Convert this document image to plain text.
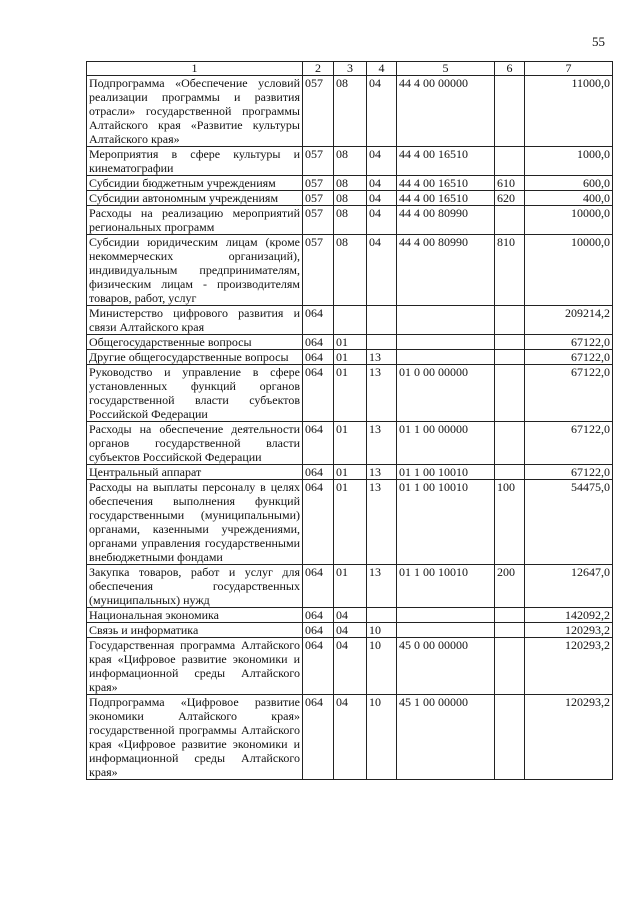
55
1	2	3	4	5	6	7
Подпрограмма «Обеспечение условий реализации программы и развития отрасли» государственной программы Алтайского края «Развитие культуры Алтайского края»	057	08	04	44 4 00 00000		11000,0
Мероприятия в сфере культуры и кинематографии	057	08	04	44 4 00 16510		1000,0
Субсидии бюджетным учреждениям	057	08	04	44 4 00 16510	610	600,0
Субсидии автономным учреждениям	057	08	04	44 4 00 16510	620	400,0
Расходы на реализацию мероприятий региональных программ	057	08	04	44 4 00 80990		10000,0
Субсидии юридическим лицам (кроме некоммерческих организаций), индивидуальным предпринимателям, физическим лицам - производителям товаров, работ, услуг	057	08	04	44 4 00 80990	810	10000,0
Министерство цифрового развития и связи Алтайского края	064					209214,2
Общегосударственные вопросы	064	01				67122,0
Другие общегосударственные вопросы	064	01	13			67122,0
Руководство и управление в сфере установленных функций органов государственной власти субъектов Российской Федерации	064	01	13	01 0 00 00000		67122,0
Расходы на обеспечение деятельности органов государственной власти субъектов Российской Федерации	064	01	13	01 1 00 00000		67122,0
Центральный аппарат	064	01	13	01 1 00 10010		67122,0
Расходы на выплаты персоналу в целях обеспечения выполнения функций государственными (муниципальными) органами, казенными учреждениями, органами управления государственными внебюджетными фондами	064	01	13	01 1 00 10010	100	54475,0
Закупка товаров, работ и услуг для обеспечения государственных (муниципальных) нужд	064	01	13	01 1 00 10010	200	12647,0
Национальная экономика	064	04				142092,2
Связь и информатика	064	04	10			120293,2
Государственная программа Алтайского края «Цифровое развитие экономики и информационной среды Алтайского края»	064	04	10	45 0 00 00000		120293,2
Подпрограмма «Цифровое развитие экономики Алтайского края» государственной программы Алтайского края «Цифровое развитие экономики и информационной среды Алтайского края»	064	04	10	45 1 00 00000		120293,2
